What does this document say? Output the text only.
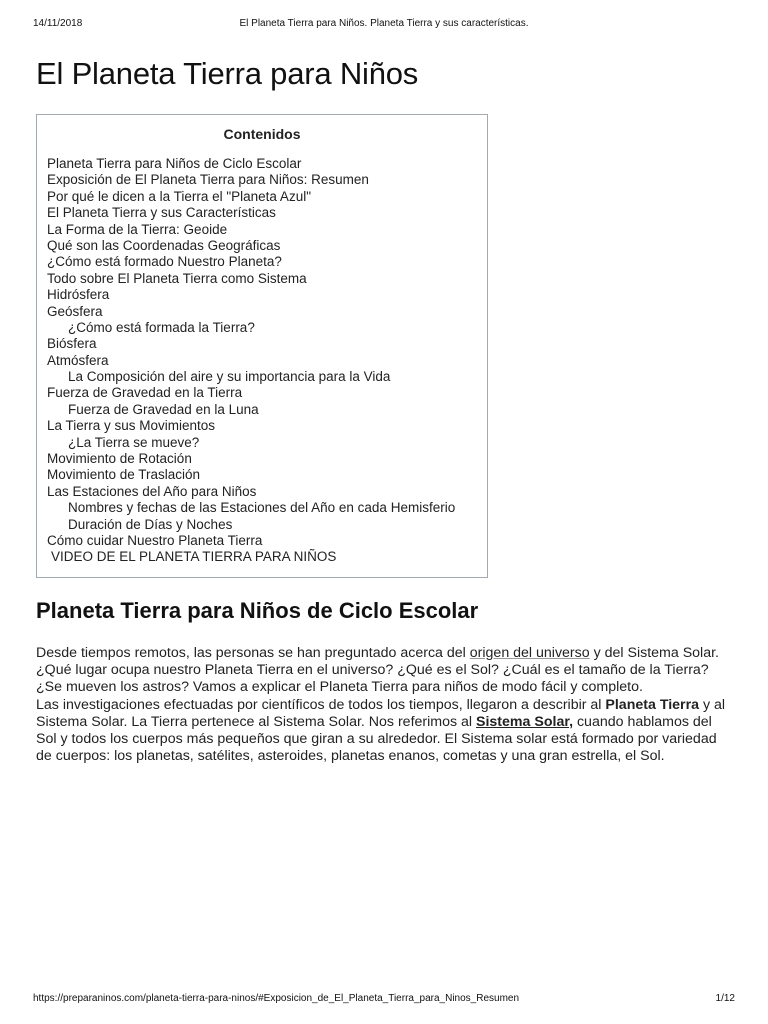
14/11/2018	El Planeta Tierra para Niños. Planeta Tierra y sus características.
El Planeta Tierra para Niños
Contenidos
Planeta Tierra para Niños de Ciclo Escolar
Exposición de El Planeta Tierra para Niños: Resumen
Por qué le dicen a la Tierra el "Planeta Azul"
El Planeta Tierra y sus Características
La Forma de la Tierra: Geoide
Qué son las Coordenadas Geográficas
¿Cómo está formado Nuestro Planeta?
Todo sobre El Planeta Tierra como Sistema
Hidrósfera
Geósfera
¿Cómo está formada la Tierra?
Biósfera
Atmósfera
La Composición del aire y su importancia para la Vida
Fuerza de Gravedad en la Tierra
Fuerza de Gravedad en la Luna
La Tierra y sus Movimientos
¿La Tierra se mueve?
Movimiento de Rotación
Movimiento de Traslación
Las Estaciones del Año para Niños
Nombres y fechas de las Estaciones del Año en cada Hemisferio
Duración de Días y Noches
Cómo cuidar Nuestro Planeta Tierra
VIDEO DE EL PLANETA TIERRA PARA NIÑOS
Planeta Tierra para Niños de Ciclo Escolar

Desde tiempos remotos, las personas se han preguntado acerca del origen del universo y del Sistema Solar. ¿Qué lugar ocupa nuestro Planeta Tierra en el universo? ¿Qué es el Sol? ¿Cuál es el tamaño de la Tierra? ¿Se mueven los astros? Vamos a explicar el Planeta Tierra para niños de modo fácil y completo.

Las investigaciones efectuadas por científicos de todos los tiempos, llegaron a describir al Planeta Tierra y al Sistema Solar. La Tierra pertenece al Sistema Solar. Nos referimos al Sistema Solar, cuando hablamos del Sol y todos los cuerpos más pequeños que giran a su alrededor. El Sistema solar está formado por variedad de cuerpos: los planetas, satélites, asteroides, planetas enanos, cometas y una gran estrella, el Sol.

https://preparaninos.com/planeta-tierra-para-ninos/#Exposicion_de_El_Planeta_Tierra_para_Ninos_Resumen	1/12
